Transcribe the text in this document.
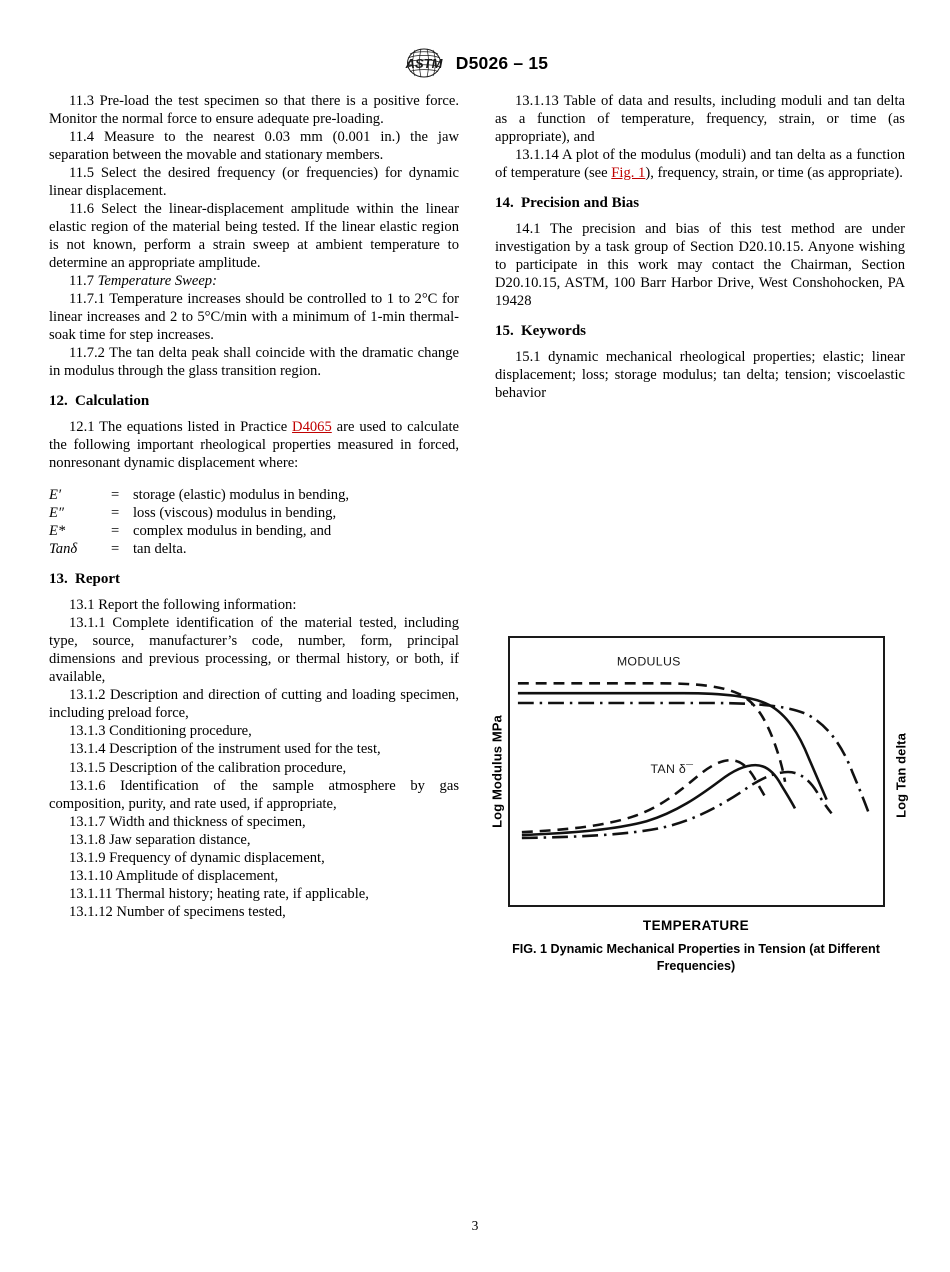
ASTM D5026 – 15

11.3 Pre-load the test specimen so that there is a positive force. Monitor the normal force to ensure adequate pre-loading.

11.4 Measure to the nearest 0.03 mm (0.001 in.) the jaw separation between the movable and stationary members.

11.5 Select the desired frequency (or frequencies) for dynamic linear displacement.

11.6 Select the linear-displacement amplitude within the linear elastic region of the material being tested. If the linear elastic region is not known, perform a strain sweep at ambient temperature to determine an appropriate amplitude.

11.7 Temperature Sweep:

11.7.1 Temperature increases should be controlled to 1 to 2°C for linear increases and 2 to 5°C/min with a minimum of 1-min thermal-soak time for step increases.

11.7.2 The tan delta peak shall coincide with the dramatic change in modulus through the glass transition region.

12. Calculation

12.1 The equations listed in Practice D4065 are used to calculate the following important rheological properties measured in forced, nonresonant dynamic displacement where:

E′	= storage (elastic) modulus in bending,
E″	= loss (viscous) modulus in bending,
E*	= complex modulus in bending, and
Tanδ	= tan delta.
13. Report

13.1 Report the following information:

13.1.1 Complete identification of the material tested, including type, source, manufacturer’s code, number, form, principal dimensions and previous processing, or thermal history, or both, if available,

13.1.2 Description and direction of cutting and loading specimen, including preload force,

13.1.3 Conditioning procedure,

13.1.4 Description of the instrument used for the test,

13.1.5 Description of the calibration procedure,

13.1.6 Identification of the sample atmosphere by gas composition, purity, and rate used, if appropriate,

13.1.7 Width and thickness of specimen,

13.1.8 Jaw separation distance,

13.1.9 Frequency of dynamic displacement,

13.1.10 Amplitude of displacement,

13.1.11 Thermal history; heating rate, if applicable,

13.1.12 Number of specimens tested,

13.1.13 Table of data and results, including moduli and tan delta as a function of temperature, frequency, strain, or time (as appropriate), and

13.1.14 A plot of the modulus (moduli) and tan delta as a function of temperature (see Fig. 1), frequency, strain, or time (as appropriate).

14. Precision and Bias

14.1 The precision and bias of this test method are under investigation by a task group of Section D20.10.15. Anyone wishing to participate in this work may contact the Chairman, Section D20.10.15, ASTM, 100 Barr Harbor Drive, West Conshohocken, PA 19428

15. Keywords

15.1 dynamic mechanical rheological properties; elastic; linear displacement; loss; storage modulus; tan delta; tension; viscoelastic behavior

Log Modulus MPa	Log Tan delta
MODULUS
TAN δ¯
TEMPERATURE
FIG. 1 Dynamic Mechanical Properties in Tension (at Different Frequencies)
3
